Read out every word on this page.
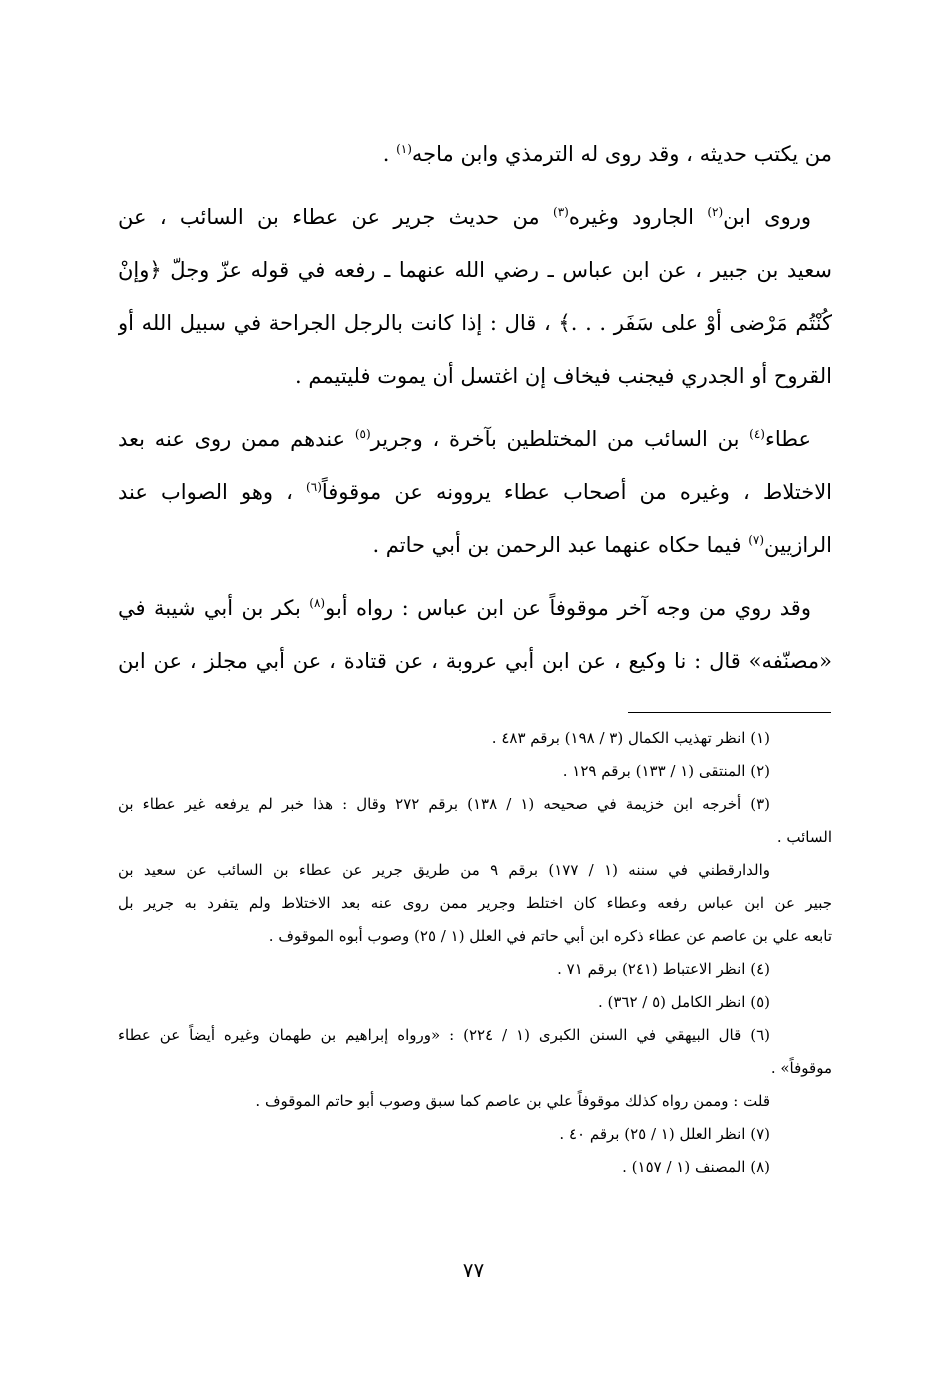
من يكتب حديثه ، وقد روى له الترمذي وابن ماجه$^{(١)}$ .
 وروى ابن$^{(٢)}$ الجارود وغيره$^{(٣)}$ من حديث جرير عن عطاء بن السائب ، عن
سعيد بن جبير ، عن ابن عباس ـ رضي الله عنهما ـ رفعه في قوله عزّ وجلّ ﴿وإنْ
كُنْتُم مَرْضى أوْ على سَفَر . . .﴾ ، قال : إذا كانت بالرجل الجراحة في سبيل الله أو
القروح أو الجدري فيجنب فيخاف إن اغتسل أن يموت فليتيمم .
 عطاء$^{(٤)}$ بن السائب من المختلطين بآخرة ، وجرير$^{(٥)}$ عندهم ممن روى عنه بعد
الاختلاط ، وغيره من أصحاب عطاء يروونه عن موقوفاً$^{(٦)}$ ، وهو الصواب عند
الرازيين$^{(٧)}$ فيما حكاه عنهما عبد الرحمن بن أبي حاتم .
 وقد روي من وجه آخر موقوفاً عن ابن عباس : رواه أبو$^{(٨)}$ بكر بن أبي شيبة في
«مصنّفه» قال : نا وكيع ، عن ابن أبي عروبة ، عن قتادة ، عن أبي مجلز ، عن ابن
(١) انظر تهذيب الكمال (٣ / ١٩٨) برقم ٤٨٣ .
(٢) المنتقى (١ / ١٣٣) برقم ١٢٩ .
(٣) أخرجه ابن خزيمة في صحيحه (١ / ١٣٨) برقم ٢٧٢ وقال : هذا خبر لم يرفعه غير عطاء بن
السائب .
والدارقطني في سننه (١ / ١٧٧) برقم ٩ من طريق جرير عن عطاء بن السائب عن سعيد بن
جبير عن ابن عباس رفعه وعطاء كان اختلط وجرير ممن روى عنه بعد الاختلاط ولم يتفرد به جرير بل
تابعه علي بن عاصم عن عطاء ذكره ابن أبي حاتم في العلل (١ / ٢٥) وصوب أبوه الموقوف .
(٤) انظر الاعتباط (٢٤١) برقم ٧١ .
(٥) انظر الكامل (٥ / ٣٦٢) .
(٦) قال البيهقي في السنن الكبرى (١ / ٢٢٤) : «ورواه إبراهيم بن طهمان وغيره أيضاً عن عطاء
موقوفاً» .
قلت : وممن رواه كذلك موقوفاً علي بن عاصم كما سبق وصوب أبو حاتم الموقوف .
(٧) انظر العلل (١ / ٢٥) برقم ٤٠ .
(٨) المصنف (١ / ١٥٧) .
٧٧
